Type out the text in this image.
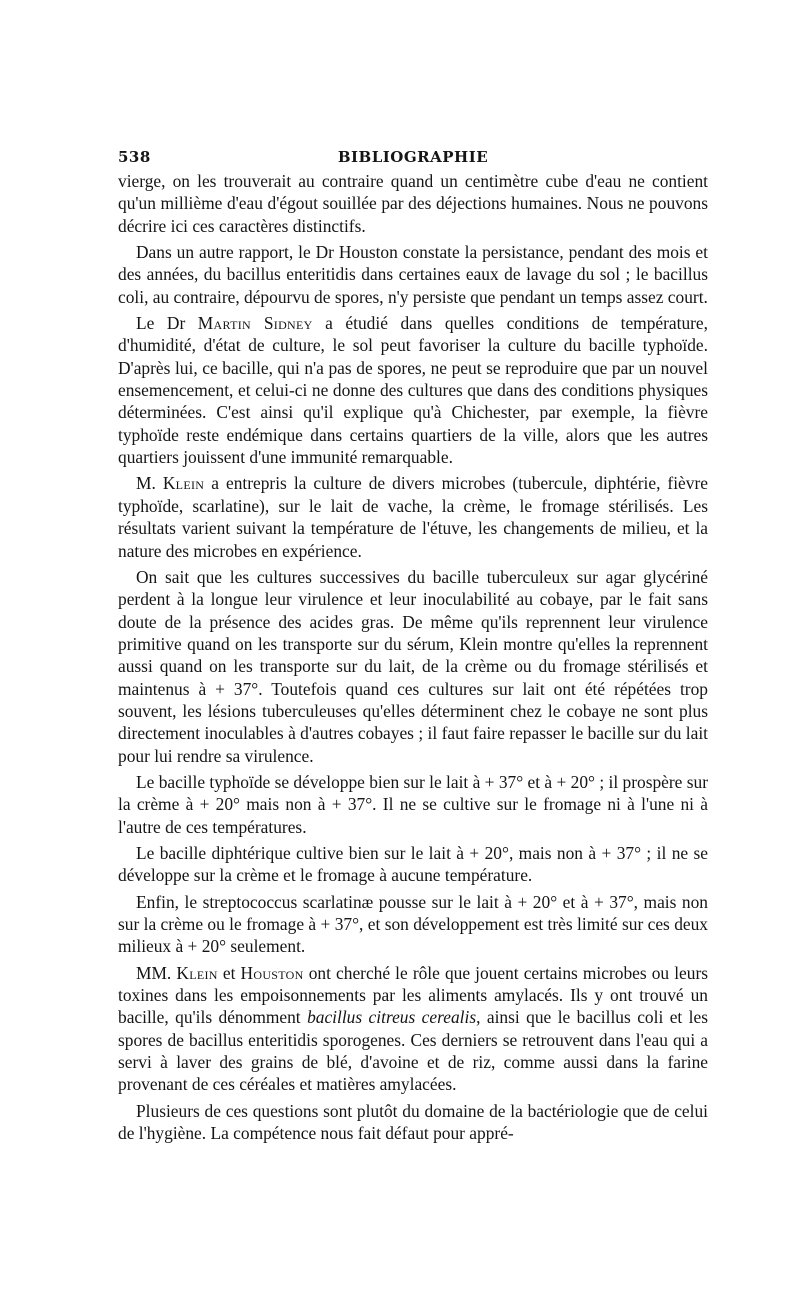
538	BIBLIOGRAPHIE

vierge, on les trouverait au contraire quand un centimètre cube d'eau ne contient qu'un millième d'eau d'égout souillée par des déjections humaines. Nous ne pouvons décrire ici ces caractères distinctifs.

Dans un autre rapport, le Dr Houston constate la persistance, pendant des mois et des années, du bacillus enteritidis dans certaines eaux de lavage du sol ; le bacillus coli, au contraire, dépourvu de spores, n'y persiste que pendant un temps assez court.

Le Dr Martin Sidney a étudié dans quelles conditions de température, d'humidité, d'état de culture, le sol peut favoriser la culture du bacille typhoïde. D'après lui, ce bacille, qui n'a pas de spores, ne peut se reproduire que par un nouvel ensemencement, et celui-ci ne donne des cultures que dans des conditions physiques déterminées. C'est ainsi qu'il explique qu'à Chichester, par exemple, la fièvre typhoïde reste endémique dans certains quartiers de la ville, alors que les autres quartiers jouissent d'une immunité remarquable.

M. Klein a entrepris la culture de divers microbes (tubercule, diphtérie, fièvre typhoïde, scarlatine), sur le lait de vache, la crème, le fromage stérilisés. Les résultats varient suivant la température de l'étuve, les changements de milieu, et la nature des microbes en expérience.

On sait que les cultures successives du bacille tuberculeux sur agar glycériné perdent à la longue leur virulence et leur inoculabilité au cobaye, par le fait sans doute de la présence des acides gras. De même qu'ils reprennent leur virulence primitive quand on les transporte sur du sérum, Klein montre qu'elles la reprennent aussi quand on les transporte sur du lait, de la crème ou du fromage stérilisés et maintenus à + 37°. Toutefois quand ces cultures sur lait ont été répétées trop souvent, les lésions tuberculeuses qu'elles déterminent chez le cobaye ne sont plus directement inoculables à d'autres cobayes ; il faut faire repasser le bacille sur du lait pour lui rendre sa virulence.

Le bacille typhoïde se développe bien sur le lait à + 37° et à + 20° ; il prospère sur la crème à + 20° mais non à + 37°. Il ne se cultive sur le fromage ni à l'une ni à l'autre de ces températures.

Le bacille diphtérique cultive bien sur le lait à + 20°, mais non à + 37° ; il ne se développe sur la crème et le fromage à aucune température.

Enfin, le streptococcus scarlatinæ pousse sur le lait à + 20° et à + 37°, mais non sur la crème ou le fromage à + 37°, et son développement est très limité sur ces deux milieux à + 20° seulement.

MM. Klein et Houston ont cherché le rôle que jouent certains microbes ou leurs toxines dans les empoisonnements par les aliments amylacés. Ils y ont trouvé un bacille, qu'ils dénomment bacillus citreus cerealis, ainsi que le bacillus coli et les spores de bacillus enteritidis sporogenes. Ces derniers se retrouvent dans l'eau qui a servi à laver des grains de blé, d'avoine et de riz, comme aussi dans la farine provenant de ces céréales et matières amylacées.

Plusieurs de ces questions sont plutôt du domaine de la bactériologie que de celui de l'hygiène. La compétence nous fait défaut pour appré-
